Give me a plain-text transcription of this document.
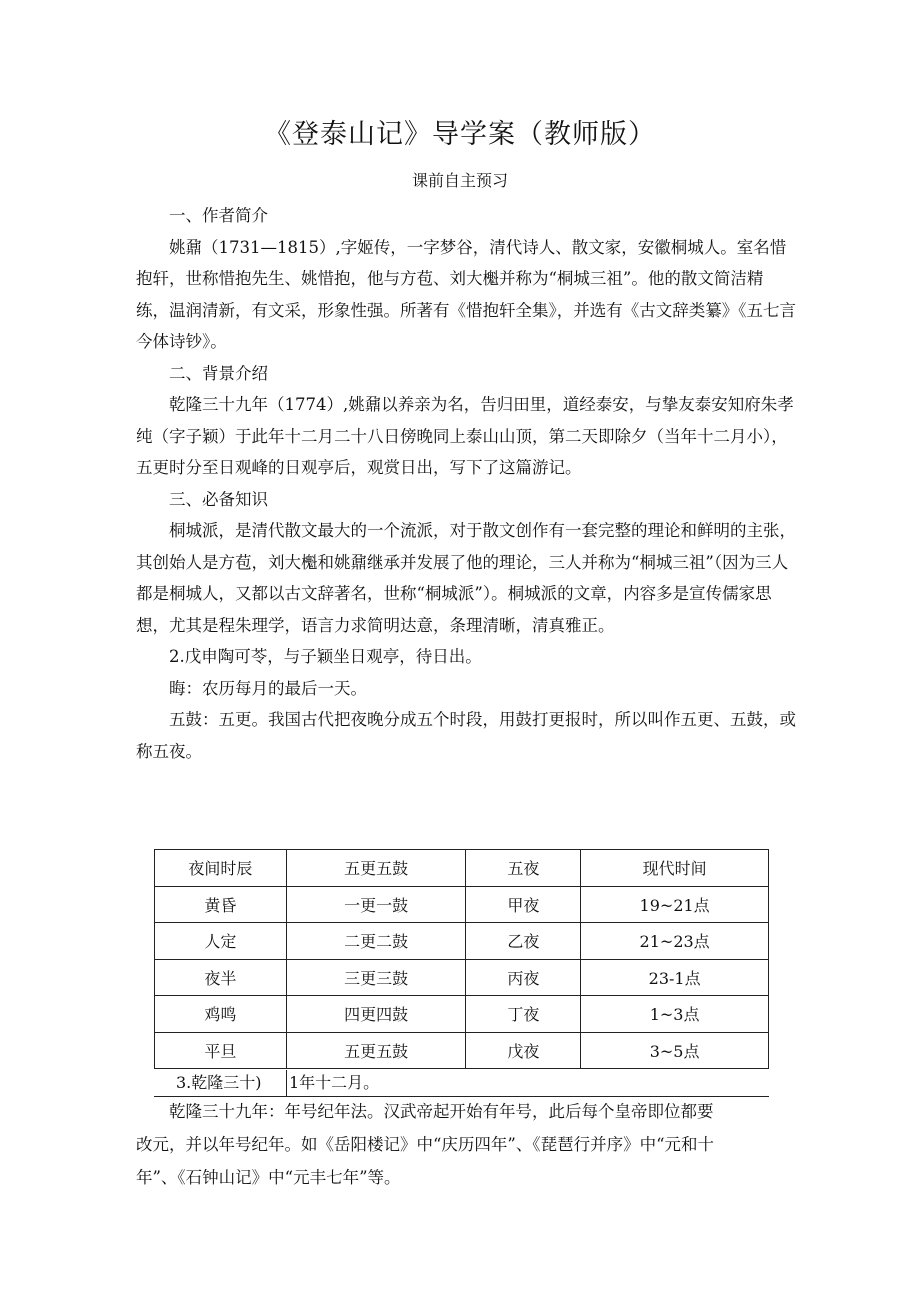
《登泰山记》导学案（教师版）
课前自主预习

一、作者简介

姚鼐（1731—1815）,字姬传，一字梦谷，清代诗人、散文家，安徽桐城人。室名惜抱轩，世称惜抱先生、姚惜抱，他与方苞、刘大櫆并称为“桐城三祖”。他的散文简洁精练，温润清新，有文采，形象性强。所著有《惜抱轩全集》，并选有《古文辞类纂》《五七言今体诗钞》。

二、背景介绍

乾隆三十九年（1774）,姚鼐以养亲为名，告归田里，道经泰安，与挚友泰安知府朱孝纯（字子颖）于此年十二月二十八日傍晚同上泰山山顶，第二天即除夕（当年十二月小），五更时分至日观峰的日观亭后，观赏日出，写下了这篇游记。

三、必备知识

桐城派，是清代散文最大的一个流派，对于散文创作有一套完整的理论和鲜明的主张，其创始人是方苞，刘大櫆和姚鼐继承并发展了他的理论，三人并称为“桐城三祖”（因为三人都是桐城人，又都以古文辞著名，世称“桐城派”）。桐城派的文章，内容多是宣传儒家思想，尤其是程朱理学，语言力求简明达意，条理清晰，清真雅正。

2.戊申陶可苓，与子颖坐日观亭，待日出。

晦：农历每月的最后一天。

五鼓：五更。我国古代把夜晚分成五个时段，用鼓打更报时，所以叫作五更、五鼓，或称五夜。

夜间时辰	五更五鼓	五夜	现代时间
黄昏	一更一鼓	甲夜	19~21点
人定	二更二鼓	乙夜	21~23点
夜半	三更三鼓	丙夜	23-1点
鸡鸣	四更四鼓	丁夜	1~3点
平旦	五更五鼓	戊夜	3~5点
3.乾隆三十) 1年十二月。

乾隆三十九年：年号纪年法。汉武帝起开始有年号，此后每个皇帝即位都要

改元，并以年号纪年。如《岳阳楼记》中“庆历四年”、《琵琶行并序》中“元和十

年”、《石钟山记》中“元丰七年”等。
